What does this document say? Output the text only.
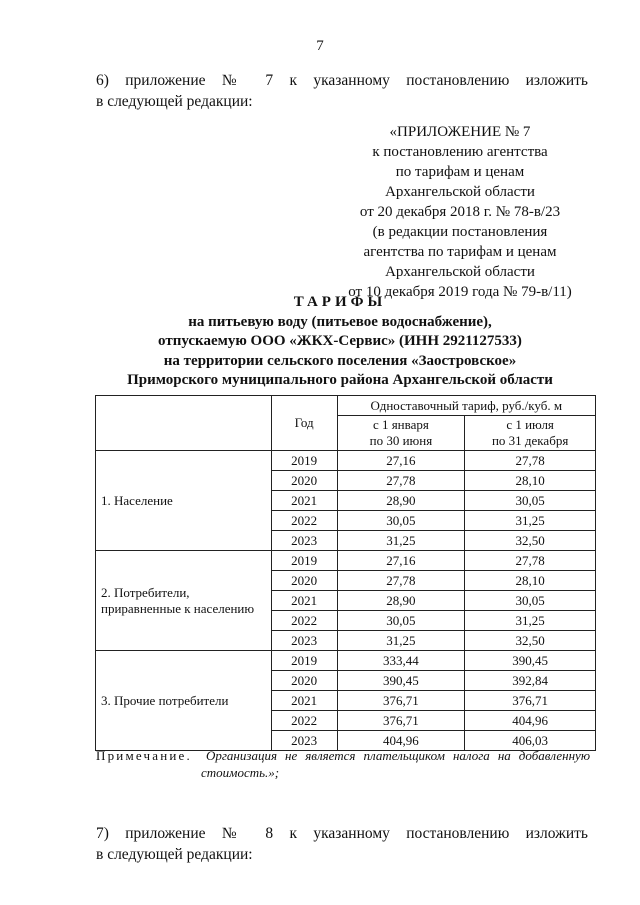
7
6) приложение № 7 к указанному постановлению изложить
в следующей редакции:
«ПРИЛОЖЕНИЕ № 7
к постановлению агентства
по тарифам и ценам
Архангельской области
от 20 декабря 2018 г. № 78-в/23
(в редакции постановления
агентства по тарифам и ценам
Архангельской области
от 10 декабря 2019 года № 79-в/11)
ТАРИФЫ
на питьевую воду (питьевое водоснабжение),
отпускаемую ООО «ЖКХ-Сервис» (ИНН 2921127533)
на территории сельского поселения «Заостровское»
Приморского муниципального района Архангельской области
	Год	Одноставочный тариф, руб./куб. м	
		с 1 января
по 30 июня	с 1 июля
по 31 декабря
1. Население	2019	27,16	27,78
	2020	27,78	28,10
	2021	28,90	30,05
	2022	30,05	31,25
	2023	31,25	32,50
2. Потребители,
приравненные к населению	2019	27,16	27,78
	2020	27,78	28,10
	2021	28,90	30,05
	2022	30,05	31,25
	2023	31,25	32,50
3. Прочие потребители	2019	333,44	390,45
	2020	390,45	392,84
	2021	376,71	376,71
	2022	376,71	404,96
	2023	404,96	406,03
Примечание. Организация не является плательщиком налога на добавленную
стоимость.»;
7) приложение № 8 к указанному постановлению изложить
в следующей редакции:
